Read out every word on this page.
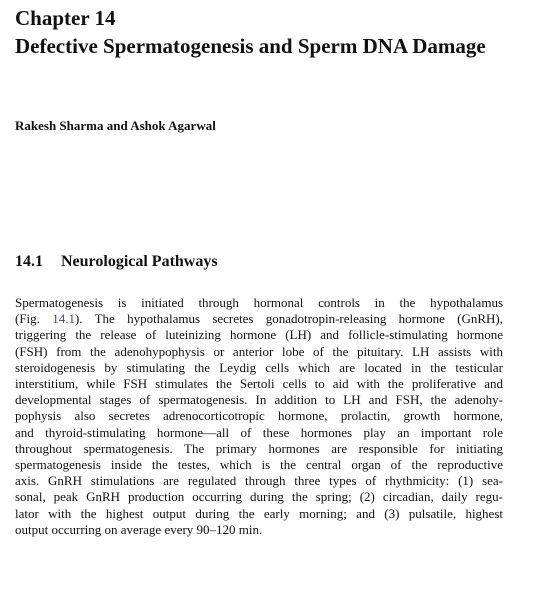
Chapter 14
Defective Spermatogenesis and Sperm DNA Damage
Rakesh Sharma and Ashok Agarwal
14.1 Neurological Pathways
Spermatogenesis is initiated through hormonal controls in the hypothalamus
(Fig. 14.1). The hypothalamus secretes gonadotropin-releasing hormone (GnRH),
triggering the release of luteinizing hormone (LH) and follicle-stimulating hormone
(FSH) from the adenohypophysis or anterior lobe of the pituitary. LH assists with
steroidogenesis by stimulating the Leydig cells which are located in the testicular
interstitium, while FSH stimulates the Sertoli cells to aid with the proliferative and
developmental stages of spermatogenesis. In addition to LH and FSH, the adenohy-
pophysis also secretes adrenocorticotropic hormone, prolactin, growth hormone,
and thyroid-stimulating hormone—all of these hormones play an important role
throughout spermatogenesis. The primary hormones are responsible for initiating
spermatogenesis inside the testes, which is the central organ of the reproductive
axis. GnRH stimulations are regulated through three types of rhythmicity: (1) sea-
sonal, peak GnRH production occurring during the spring; (2) circadian, daily regu-
lator with the highest output during the early morning; and (3) pulsatile, highest
output occurring on average every 90–120 min.
